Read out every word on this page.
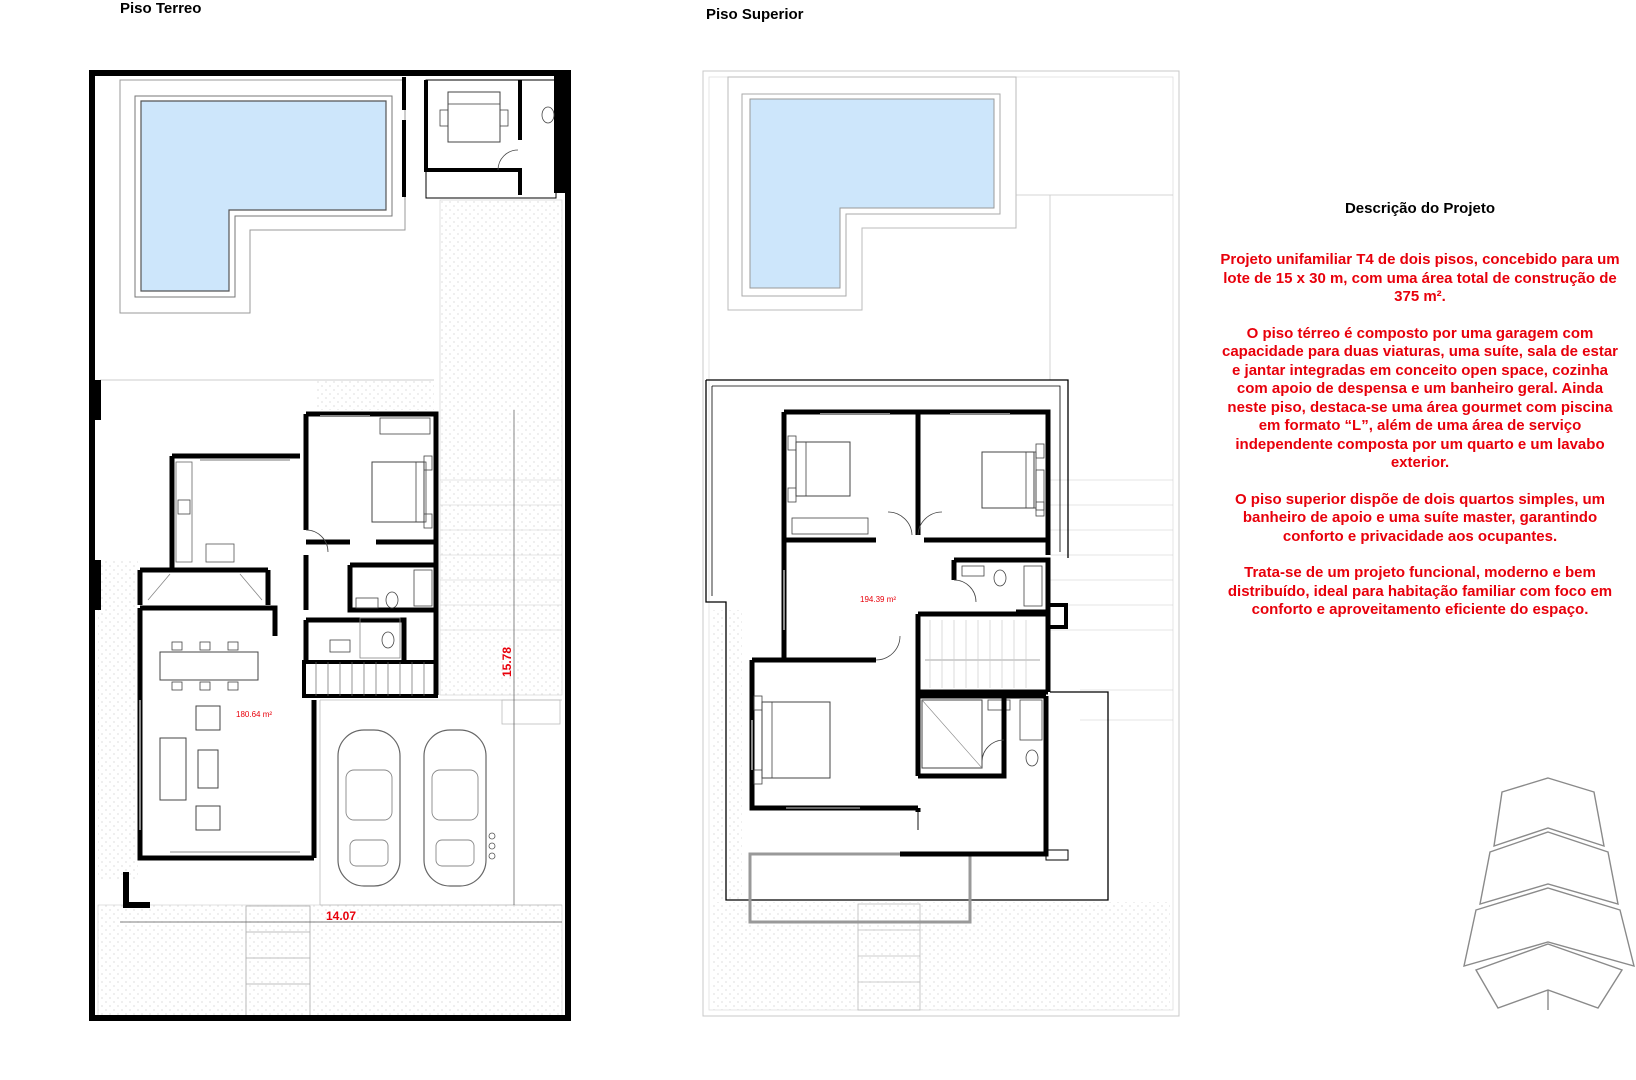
Piso Terreo	Piso Superior
180.64 m²
14.07
15.78
194.39 m²
Descrição do Projeto

Projeto unifamiliar T4 de dois pisos, concebido para um lote de 15 x 30 m, com uma área total de construção de 375 m².

O piso térreo é composto por uma garagem com capacidade para duas viaturas, uma suíte, sala de estar e jantar integradas em conceito open space, cozinha com apoio de despensa e um banheiro geral. Ainda neste piso, destaca-se uma área gourmet com piscina em formato “L”, além de uma área de serviço independente composta por um quarto e um lavabo exterior.

O piso superior dispõe de dois quartos simples, um banheiro de apoio e uma suíte master, garantindo conforto e privacidade aos ocupantes.

Trata-se de um projeto funcional, moderno e bem distribuído, ideal para habitação familiar com foco em conforto e aproveitamento eficiente do espaço.
